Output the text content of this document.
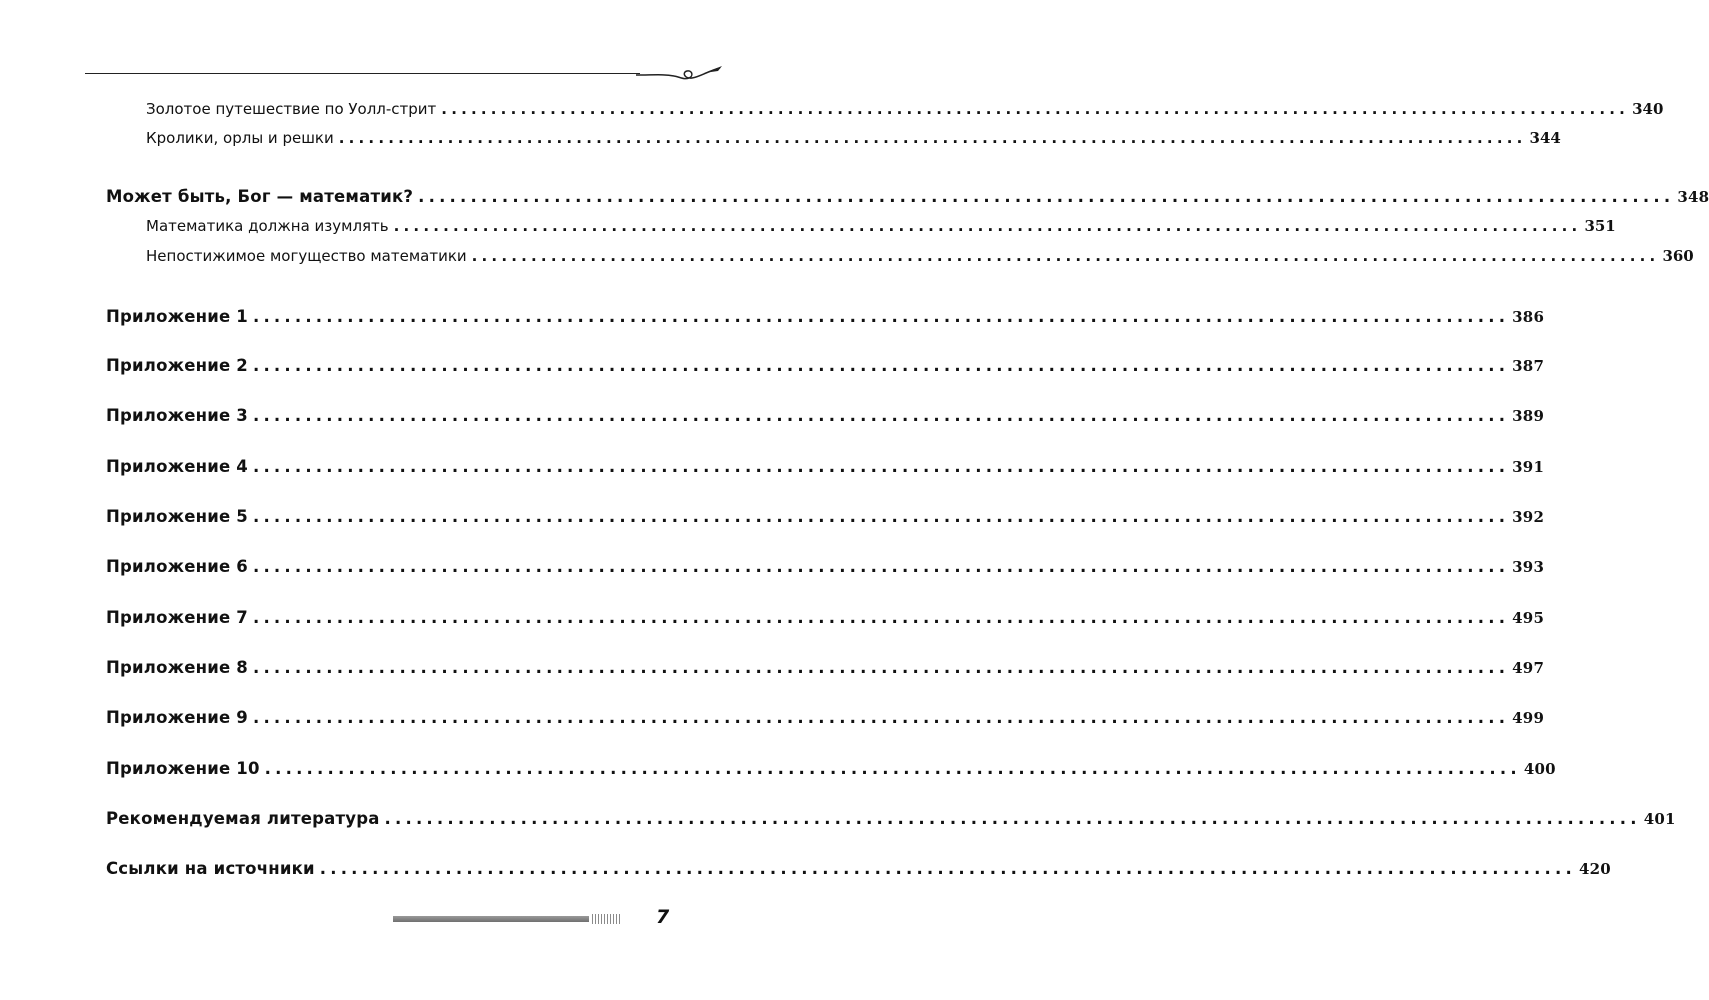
Золотое путешествие по Уолл-стрит ........................................................................................................................ 340
Кролики, орлы и решки ........................................................................................................................ 344
Может быть, Бог — математик? ........................................................................................................................ 348
Математика должна изумлять ........................................................................................................................ 351
Непостижимое могущество математики ........................................................................................................................ 360
Приложение 1 ........................................................................................................................ 386
Приложение 2 ........................................................................................................................ 387
Приложение 3 ........................................................................................................................ 389
Приложение 4 ........................................................................................................................ 391
Приложение 5 ........................................................................................................................ 392
Приложение 6 ........................................................................................................................ 393
Приложение 7 ........................................................................................................................ 495
Приложение 8 ........................................................................................................................ 497
Приложение 9 ........................................................................................................................ 499
Приложение 10 ........................................................................................................................ 400
Рекомендуемая литература ........................................................................................................................ 401
Ссылки на источники ........................................................................................................................ 420
7
